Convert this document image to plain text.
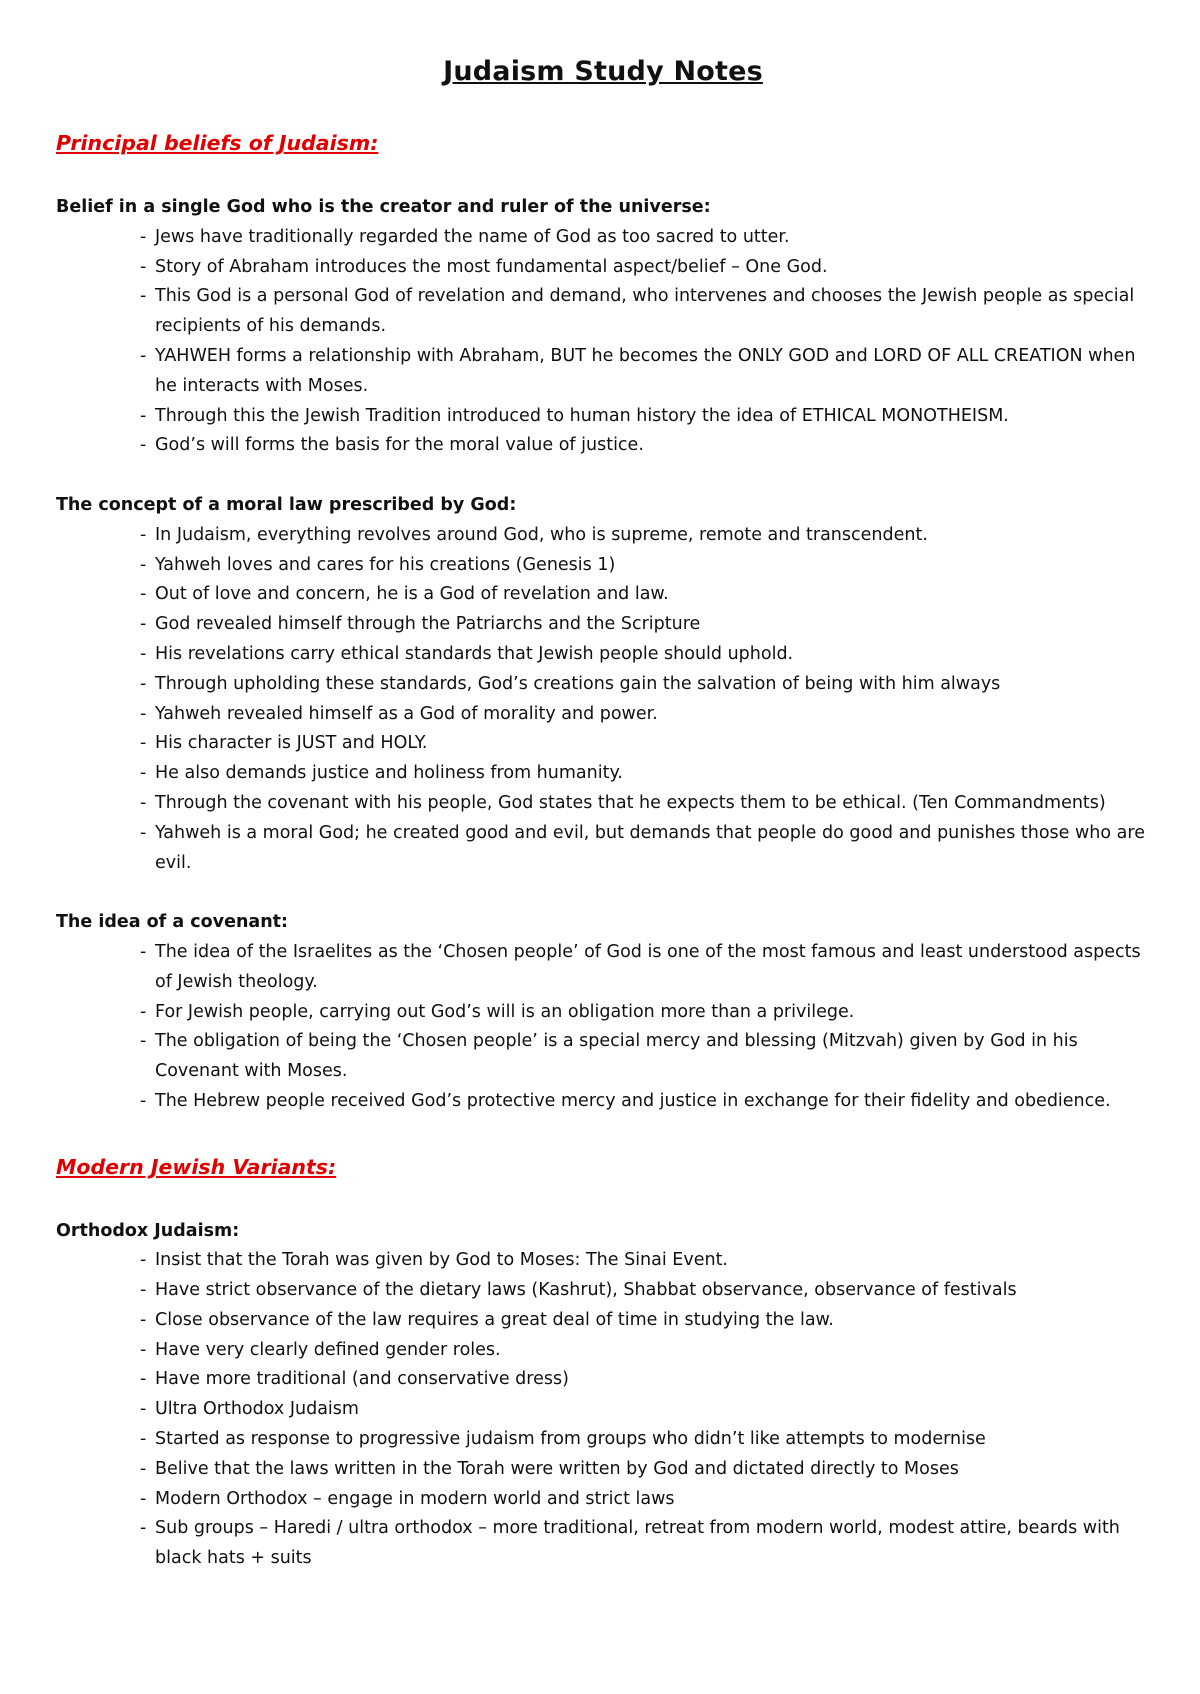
Judaism Study Notes
Principal beliefs of Judaism:
Belief in a single God who is the creator and ruler of the universe:
- Jews have traditionally regarded the name of God as too sacred to utter.
- Story of Abraham introduces the most fundamental aspect/belief – One God.
- This God is a personal God of revelation and demand, who intervenes and chooses the Jewish people as special recipients of his demands.
- YAHWEH forms a relationship with Abraham, BUT he becomes the ONLY GOD and LORD OF ALL CREATION when he interacts with Moses.
- Through this the Jewish Tradition introduced to human history the idea of ETHICAL MONOTHEISM.
- God’s will forms the basis for the moral value of justice.
The concept of a moral law prescribed by God:
- In Judaism, everything revolves around God, who is supreme, remote and transcendent.
- Yahweh loves and cares for his creations (Genesis 1)
- Out of love and concern, he is a God of revelation and law.
- God revealed himself through the Patriarchs and the Scripture
- His revelations carry ethical standards that Jewish people should uphold.
- Through upholding these standards, God’s creations gain the salvation of being with him always
- Yahweh revealed himself as a God of morality and power.
- His character is JUST and HOLY.
- He also demands justice and holiness from humanity.
- Through the covenant with his people, God states that he expects them to be ethical. (Ten Commandments)
- Yahweh is a moral God; he created good and evil, but demands that people do good and punishes those who are evil.
The idea of a covenant:
- The idea of the Israelites as the ‘Chosen people’ of God is one of the most famous and least understood aspects of Jewish theology.
- For Jewish people, carrying out God’s will is an obligation more than a privilege.
- The obligation of being the ‘Chosen people’ is a special mercy and blessing (Mitzvah) given by God in his Covenant with Moses.
- The Hebrew people received God’s protective mercy and justice in exchange for their fidelity and obedience.
Modern Jewish Variants:
Orthodox Judaism:
- Insist that the Torah was given by God to Moses: The Sinai Event.
- Have strict observance of the dietary laws (Kashrut), Shabbat observance, observance of festivals
- Close observance of the law requires a great deal of time in studying the law.
- Have very clearly defined gender roles.
- Have more traditional (and conservative dress)
- Ultra Orthodox Judaism
- Started as response to progressive judaism from groups who didn’t like attempts to modernise
- Belive that the laws written in the Torah were written by God and dictated directly to Moses
- Modern Orthodox – engage in modern world and strict laws
- Sub groups – Haredi / ultra orthodox – more traditional, retreat from modern world, modest attire, beards with black hats + suits
